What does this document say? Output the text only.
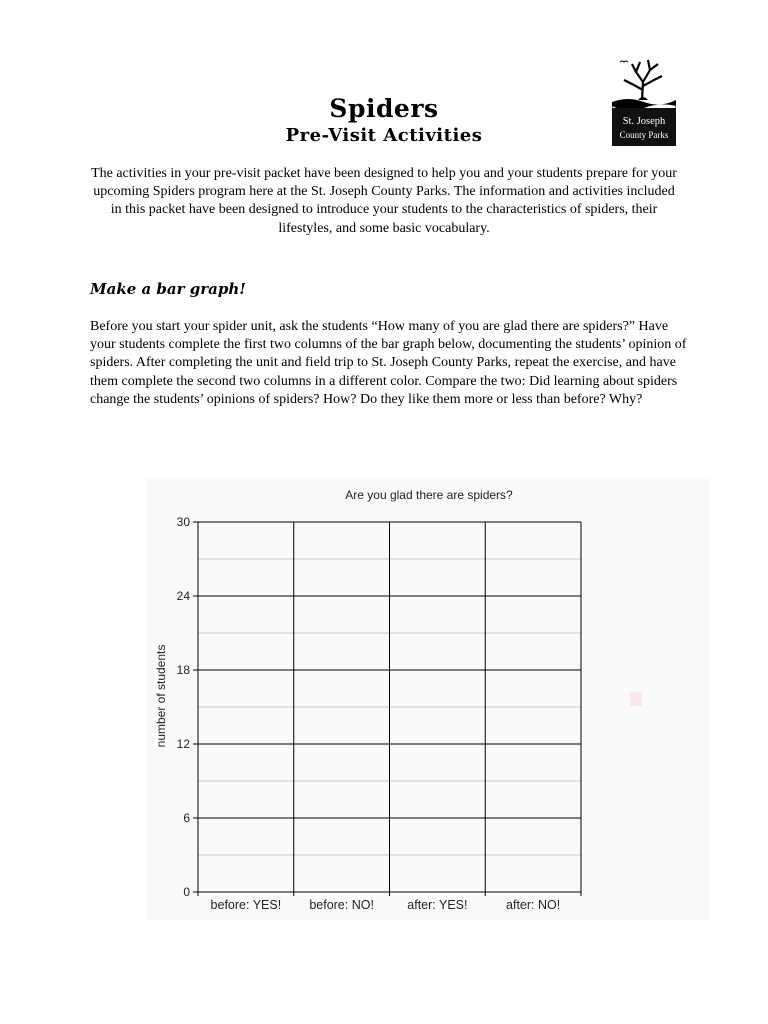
St. Joseph
County Parks
Spiders
Pre-Visit Activities

The activities in your pre-visit packet have been designed to help you and your students prepare for your upcoming Spiders program here at the St. Joseph County Parks. The information and activities included in this packet have been designed to introduce your students to the characteristics of spiders, their lifestyles, and some basic vocabulary.

Make a bar graph!

Before you start your spider unit, ask the students “How many of you are glad there are spiders?” Have your students complete the first two columns of the bar graph below, documenting the students’ opinion of spiders. After completing the unit and field trip to St. Joseph County Parks, repeat the exercise, and have them complete the second two columns in a different color. Compare the two: Did learning about spiders change the students’ opinions of spiders? How? Do they like them more or less than before? Why?

Are you glad there are spiders?
number of students
0
6
12
18
24
30
before: YES! before: NO!	after: YES!	after: NO!
